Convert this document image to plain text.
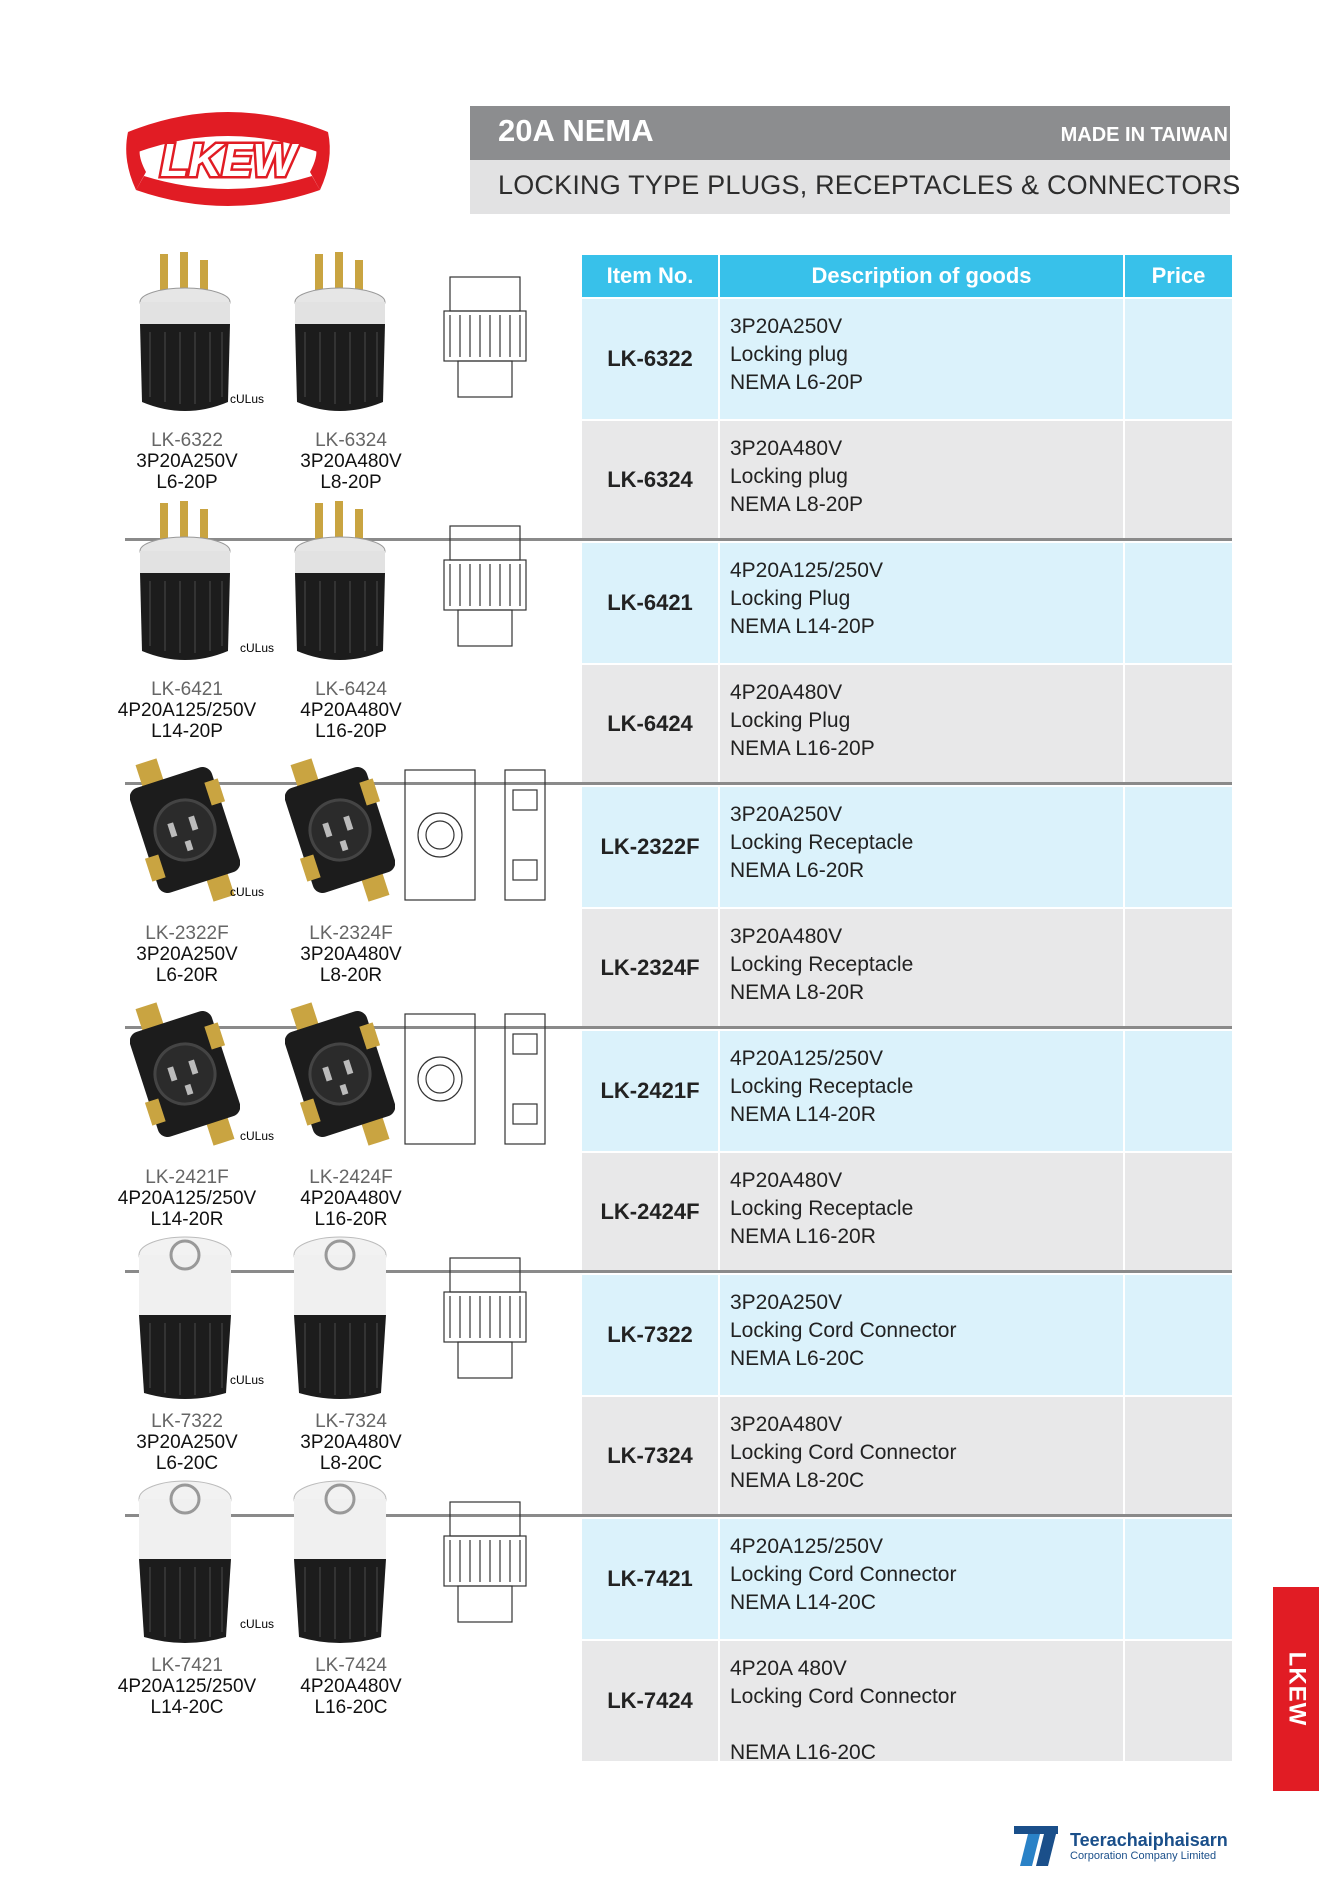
LKEW
20A NEMA	MADE IN TAIWAN
LOCKING TYPE PLUGS, RECEPTACLES & CONNECTORS
Item No.	Description of goods	Price
LK-6322
3P20A250V
Locking plug
NEMA L6-20P
LK-6324
3P20A480V
Locking plug
NEMA L8-20P
LK-6421
4P20A125/250V
Locking Plug
NEMA L14-20P
LK-6424
4P20A480V
Locking Plug
NEMA L16-20P
LK-2322F
3P20A250V
Locking Receptacle
NEMA L6-20R
LK-2324F
3P20A480V
Locking Receptacle
NEMA L8-20R
LK-2421F
4P20A125/250V
Locking Receptacle
NEMA L14-20R
LK-2424F
4P20A480V
Locking Receptacle
NEMA L16-20R
LK-7322
3P20A250V
Locking Cord Connector
NEMA L6-20C
LK-7324
3P20A480V
Locking Cord Connector
NEMA L8-20C
LK-7421
4P20A125/250V
Locking Cord Connector
NEMA L14-20C
LK-7424
4P20A 480V
Locking Cord Connector
NEMA L16-20C
cULus
LK-6322
3P20A250V
L6-20P
LK-6324
3P20A480V
L8-20P
cULus
LK-6421
4P20A125/250V
L14-20P
LK-6424
4P20A480V
L16-20P
cULus
LK-2322F
3P20A250V
L6-20R
LK-2324F
3P20A480V
L8-20R
cULus
LK-2421F
4P20A125/250V
L14-20R
LK-2424F
4P20A480V
L16-20R
cULus
LK-7322
3P20A250V
L6-20C
LK-7324
3P20A480V
L8-20C
cULus
LK-7421
4P20A125/250V
L14-20C
LK-7424
4P20A480V
L16-20C	LKEW
Teerachaiphaisarn
Corporation Company Limited
